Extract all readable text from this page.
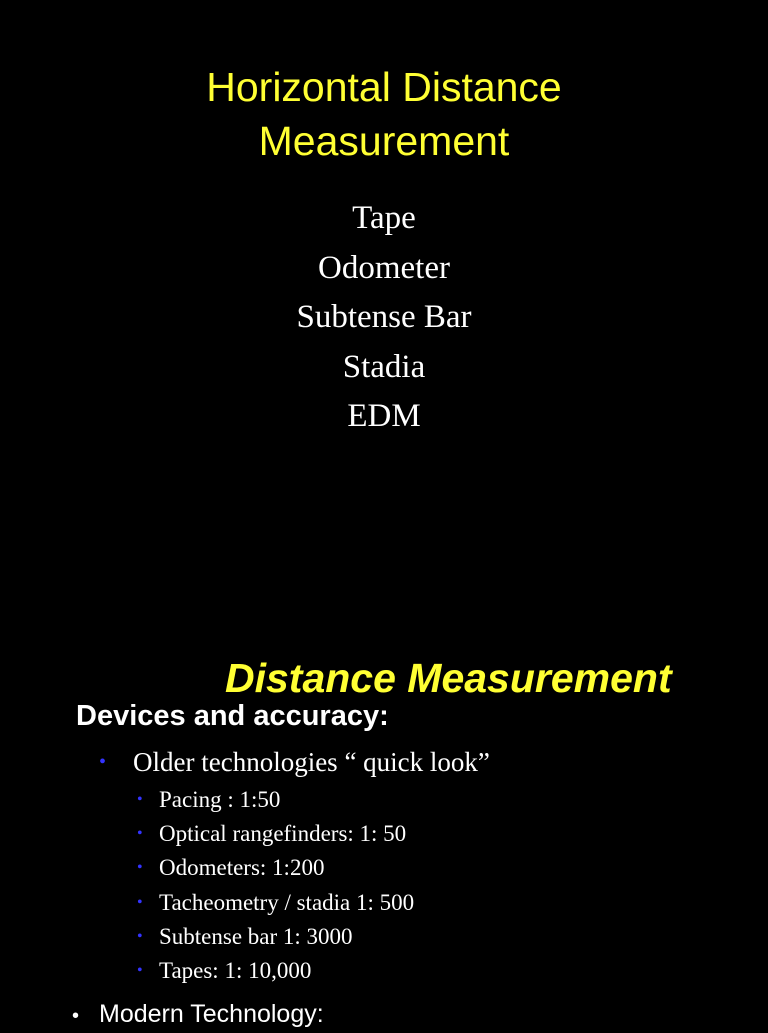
Horizontal Distance
Measurement
Tape
Odometer
Subtense Bar
Stadia
EDM
Distance Measurement
Devices and accuracy:
• Older technologies “ quick look”
• Pacing : 1:50
• Optical rangefinders: 1: 50
• Odometers: 1:200
• Tacheometry / stadia 1: 500
• Subtense bar 1: 3000
• Tapes: 1: 10,000
• Modern Technology:
